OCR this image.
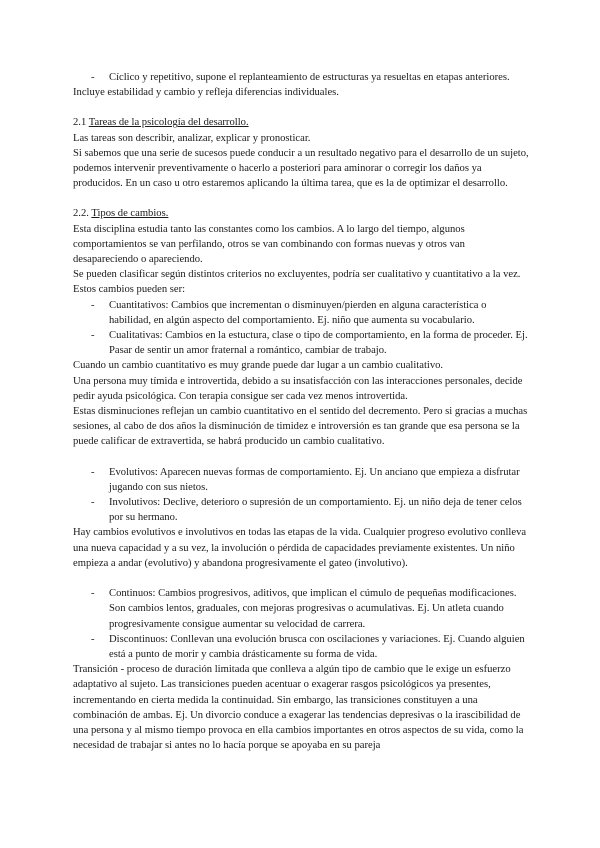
- Cíclico y repetitivo, supone el replanteamiento de estructuras ya resueltas en etapas anteriores.

Incluye estabilidad y cambio y refleja diferencias individuales.

2.1 Tareas de la psicología del desarrollo.

Las tareas son describir, analizar, explicar y pronosticar.

Si sabemos que una serie de sucesos puede conducir a un resultado negativo para el desarrollo de un sujeto, podemos intervenir preventivamente o hacerlo a posteriori para aminorar o corregir los daños ya producidos. En un caso u otro estaremos aplicando la última tarea, que es la de optimizar el desarrollo.

2.2. Tipos de cambios.

Esta disciplina estudia tanto las constantes como los cambios. A lo largo del tiempo, algunos comportamientos se van perfilando, otros se van combinando con formas nuevas y otros van desapareciendo o apareciendo.

Se pueden clasificar según distintos criterios no excluyentes, podría ser cualitativo y cuantitativo a la vez. Estos cambios pueden ser:

- Cuantitativos: Cambios que incrementan o disminuyen/pierden en alguna característica o habilidad, en algún aspecto del comportamiento. Ej. niño que aumenta su vocabulario.
- Cualitativas: Cambios en la estuctura, clase o tipo de comportamiento, en la forma de proceder. Ej. Pasar de sentir un amor fraternal a romántico, cambiar de trabajo.

Cuando un cambio cuantitativo es muy grande puede dar lugar a un cambio cualitativo.

Una persona muy tímida e introvertida, debido a su insatisfacción con las interacciones personales, decide pedir ayuda psicológica. Con terapia consigue ser cada vez menos introvertida.

Estas disminuciones reflejan un cambio cuantitativo en el sentido del decremento. Pero si gracias a muchas sesiones, al cabo de dos años la disminución de timidez e introversión es tan grande que esa persona se la puede calificar de extravertida, se habrá producido un cambio cualitativo.

- Evolutivos: Aparecen nuevas formas de comportamiento. Ej. Un anciano que empieza a disfrutar jugando con sus nietos.
- Involutivos: Declive, deterioro o supresión de un comportamiento. Ej. un niño deja de tener celos por su hermano.

Hay cambios evolutivos e involutivos en todas las etapas de la vida. Cualquier progreso evolutivo conlleva una nueva capacidad y a su vez, la involución o pérdida de capacidades previamente existentes. Un niño empieza a andar (evolutivo) y abandona progresivamente el gateo (involutivo).

- Continuos: Cambios progresivos, aditivos, que implican el cúmulo de pequeñas modificaciones. Son cambios lentos, graduales, con mejoras progresivas o acumulativas. Ej. Un atleta cuando progresivamente consigue aumentar su velocidad de carrera.
- Discontinuos: Conllevan una evolución brusca con oscilaciones y variaciones. Ej. Cuando alguien está a punto de morir y cambia drásticamente su forma de vida.

Transición - proceso de duración limitada que conlleva a algún tipo de cambio que le exige un esfuerzo adaptativo al sujeto. Las transiciones pueden acentuar o exagerar rasgos psicológicos ya presentes, incrementando en cierta medida la continuidad. Sin embargo, las transiciones constituyen a una combinación de ambas. Ej. Un divorcio conduce a exagerar las tendencias depresivas o la irascibilidad de una persona y al mismo tiempo provoca en ella cambios importantes en otros aspectos de su vida, como la necesidad de trabajar si antes no lo hacía porque se apoyaba en su pareja
